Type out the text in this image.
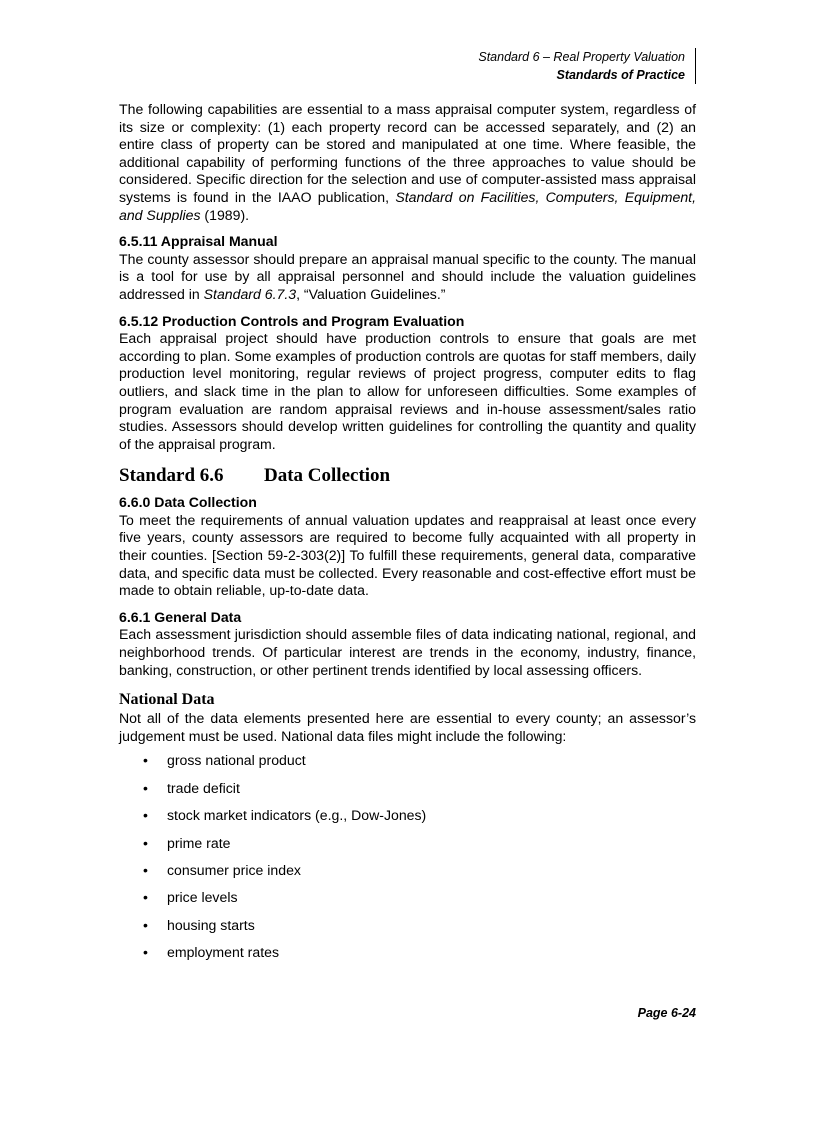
Standard 6 – Real Property Valuation
Standards of Practice

The following capabilities are essential to a mass appraisal computer system, regardless of its size or complexity: (1) each property record can be accessed separately, and (2) an entire class of property can be stored and manipulated at one time. Where feasible, the additional capability of performing functions of the three approaches to value should be considered. Specific direction for the selection and use of computer-assisted mass appraisal systems is found in the IAAO publication, Standard on Facilities, Computers, Equipment, and Supplies (1989).

6.5.11 Appraisal Manual

The county assessor should prepare an appraisal manual specific to the county. The manual is a tool for use by all appraisal personnel and should include the valuation guidelines addressed in Standard 6.7.3, “Valuation Guidelines.”

6.5.12 Production Controls and Program Evaluation

Each appraisal project should have production controls to ensure that goals are met according to plan. Some examples of production controls are quotas for staff members, daily production level monitoring, regular reviews of project progress, computer edits to flag outliers, and slack time in the plan to allow for unforeseen difficulties. Some examples of program evaluation are random appraisal reviews and in-house assessment/sales ratio studies. Assessors should develop written guidelines for controlling the quantity and quality of the appraisal program.

Standard 6.6 Data Collection
6.6.0 Data Collection

To meet the requirements of annual valuation updates and reappraisal at least once every five years, county assessors are required to become fully acquainted with all property in their counties. [Section 59-2-303(2)] To fulfill these requirements, general data, comparative data, and specific data must be collected. Every reasonable and cost-effective effort must be made to obtain reliable, up-to-date data.

6.6.1 General Data

Each assessment jurisdiction should assemble files of data indicating national, regional, and neighborhood trends. Of particular interest are trends in the economy, industry, finance, banking, construction, or other pertinent trends identified by local assessing officers.

National Data

Not all of the data elements presented here are essential to every county; an assessor’s judgement must be used. National data files might include the following:

• gross national product
• trade deficit
• stock market indicators (e.g., Dow-Jones)
• prime rate
• consumer price index
• price levels
• housing starts
• employment rates
Page 6-24
